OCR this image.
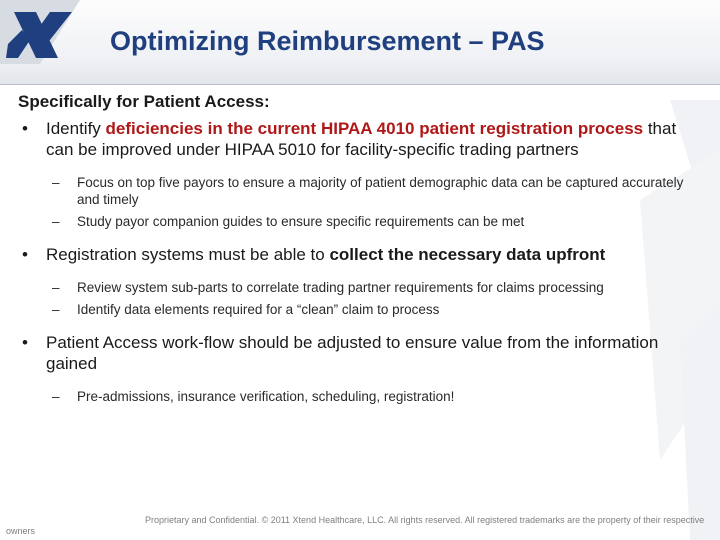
Optimizing Reimbursement – PAS

Specifically for Patient Access:

• Identify deficiencies in the current HIPAA 4010 patient registration process that can be improved under HIPAA 5010 for facility-specific trading partners

– Focus on top five payors to ensure a majority of patient demographic data can be captured accurately and timely

– Study payor companion guides to ensure specific requirements can be met

• Registration systems must be able to collect the necessary data upfront

– Review system sub-parts to correlate trading partner requirements for claims processing

– Identify data elements required for a “clean” claim to process

• Patient Access work-flow should be adjusted to ensure value from the information gained

– Pre-admissions, insurance verification, scheduling, registration!

Proprietary and Confidential. © 2011 Xtend Healthcare, LLC. All rights reserved. All registered trademarks are the property of their respective
owners
